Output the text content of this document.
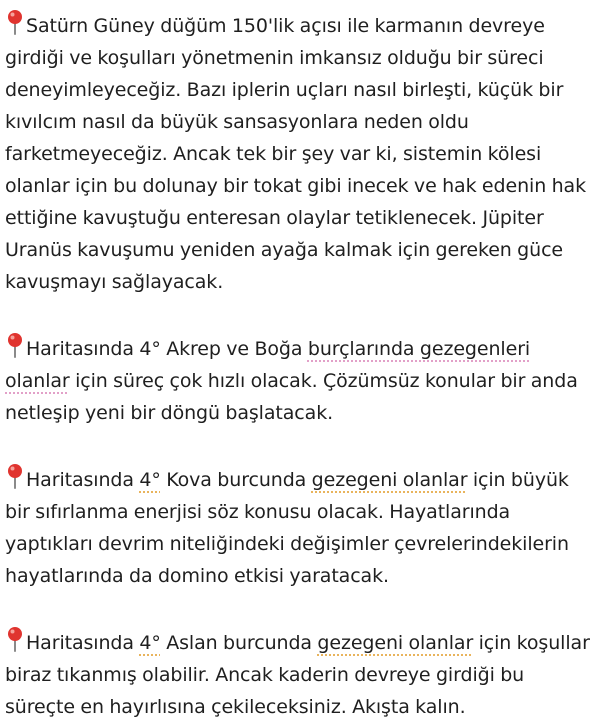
Satürn Güney düğüm 150'lik açısı ile karmanın devreye girdiği ve koşulları yönetmenin imkansız olduğu bir süreci deneyimleyeceğiz. Bazı iplerin uçları nasıl birleşti, küçük bir kıvılcım nasıl da büyük sansasyonlara neden oldu farketmeyeceğiz. Ancak tek bir şey var ki, sistemin kölesi olanlar için bu dolunay bir tokat gibi inecek ve hak edenin hak ettiğine kavuştuğu enteresan olaylar tetiklenecek. Jüpiter Uranüs kavuşumu yeniden ayağa kalmak için gereken güce kavuşmayı sağlayacak.

Haritasında 4° Akrep ve Boğa burçlarında gezegenleri olanlar için süreç çok hızlı olacak. Çözümsüz konular bir anda netleşip yeni bir döngü başlatacak.

Haritasında 4° Kova burcunda gezegeni olanlar için büyük bir sıfırlanma enerjisi söz konusu olacak. Hayatlarında yaptıkları devrim niteliğindeki değişimler çevrelerindekilerin hayatlarında da domino etkisi yaratacak.

Haritasında 4° Aslan burcunda gezegeni olanlar için koşullar biraz tıkanmış olabilir. Ancak kaderin devreye girdiği bu süreçte en hayırlısına çekileceksiniz. Akışta kalın.
